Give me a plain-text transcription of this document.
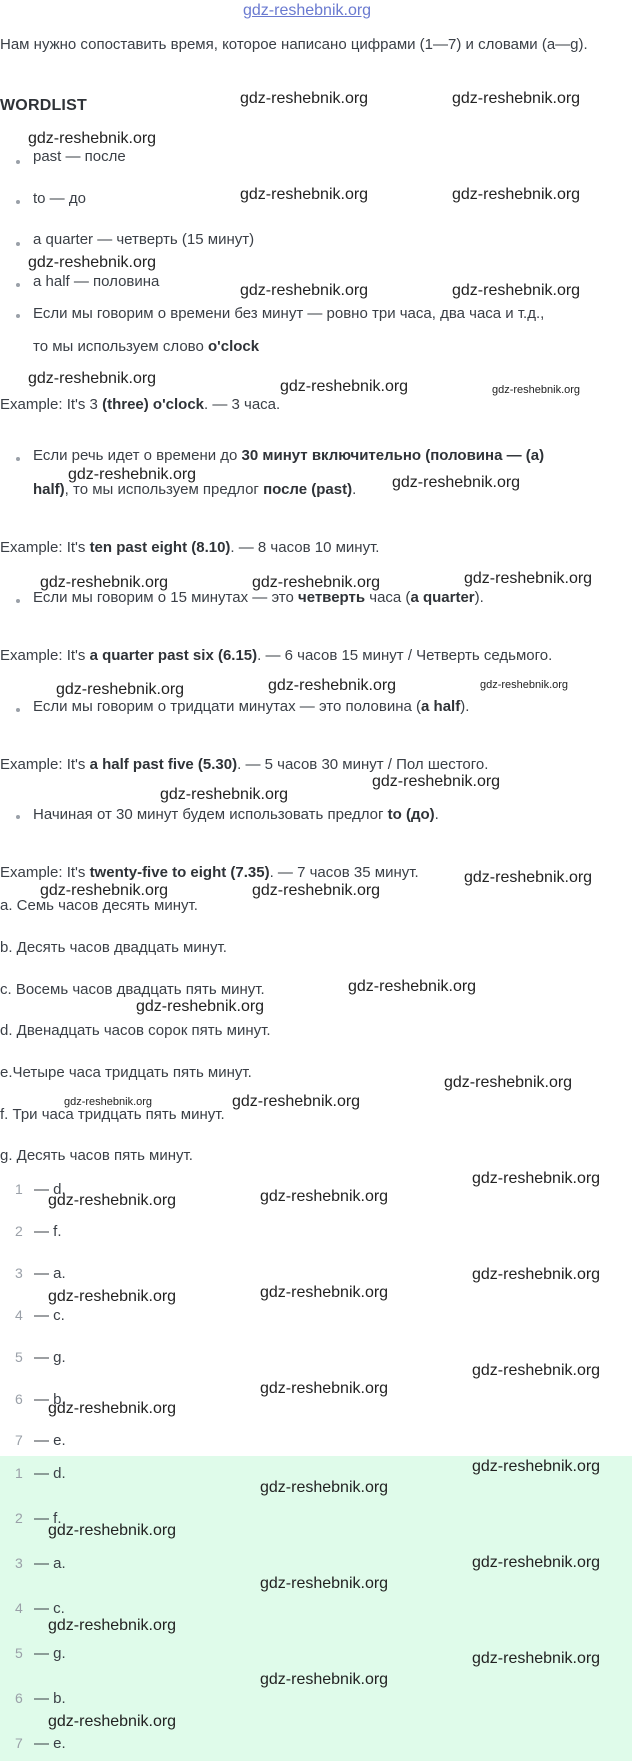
gdz-reshebnik.org
Нам нужно сопоставить время, которое написано цифрами (1—7) и словами (a—g).
WORDLIST
past — после
to — до
a quarter — четверть (15 минут)
a half — половина
Если мы говорим о времени без минут — ровно три часа, два часа и т.д.,
то мы используем слово o'clock
Example: It's 3 (three) o'clock. — 3 часа.
Если речь идет о времени до 30 минут включительно (половина — (a)
half), то мы используем предлог после (past).
Example: It's ten past eight (8.10). — 8 часов 10 минут.
Если мы говорим о 15 минутах — это четверть часа (a quarter).
Example: It's a quarter past six (6.15). — 6 часов 15 минут / Четверть седьмого.
Если мы говорим о тридцати минутах — это половина (a half).
Example: It's a half past five (5.30). — 5 часов 30 минут / Пол шестого.
Начиная от 30 минут будем использовать предлог to (до).
Example: It's twenty-five to eight (7.35). — 7 часов 35 минут.
a. Семь часов десять минут.
b. Десять часов двадцать минут.
c. Восемь часов двадцать пять минут.
d. Двенадцать часов сорок пять минут.
e.Четыре часа тридцать пять минут.
f. Три часа тридцать пять минут.
g. Десять часов пять минут.
1 — d.
2 — f.
3 — a.
4 — c.
5 — g.
6 — b.
7 — e.
1 — d.
2 — f.
3 — a.
4 — c.
5 — g.
6 — b.
7 — e.
gdz-reshebnik.org	gdz-reshebnik.org
gdz-reshebnik.org
gdz-reshebnik.org	gdz-reshebnik.org
gdz-reshebnik.org
gdz-reshebnik.org	gdz-reshebnik.org
gdz-reshebnik.org	gdz-reshebnik.org	gdz-reshebnik.org
gdz-reshebnik.org	gdz-reshebnik.org
gdz-reshebnik.org	gdz-reshebnik.org	gdz-reshebnik.org
gdz-reshebnik.org	gdz-reshebnik.org	gdz-reshebnik.org
gdz-reshebnik.org
gdz-reshebnik.org
gdz-reshebnik.org
gdz-reshebnik.org	gdz-reshebnik.org
gdz-reshebnik.org
gdz-reshebnik.org
gdz-reshebnik.org
gdz-reshebnik.org	gdz-reshebnik.org
gdz-reshebnik.org
gdz-reshebnik.org	gdz-reshebnik.org
gdz-reshebnik.org
gdz-reshebnik.org	gdz-reshebnik.org
gdz-reshebnik.org
gdz-reshebnik.org
gdz-reshebnik.org
gdz-reshebnik.org
gdz-reshebnik.org
gdz-reshebnik.org
gdz-reshebnik.org
gdz-reshebnik.org
gdz-reshebnik.org
gdz-reshebnik.org
gdz-reshebnik.org
gdz-reshebnik.org
